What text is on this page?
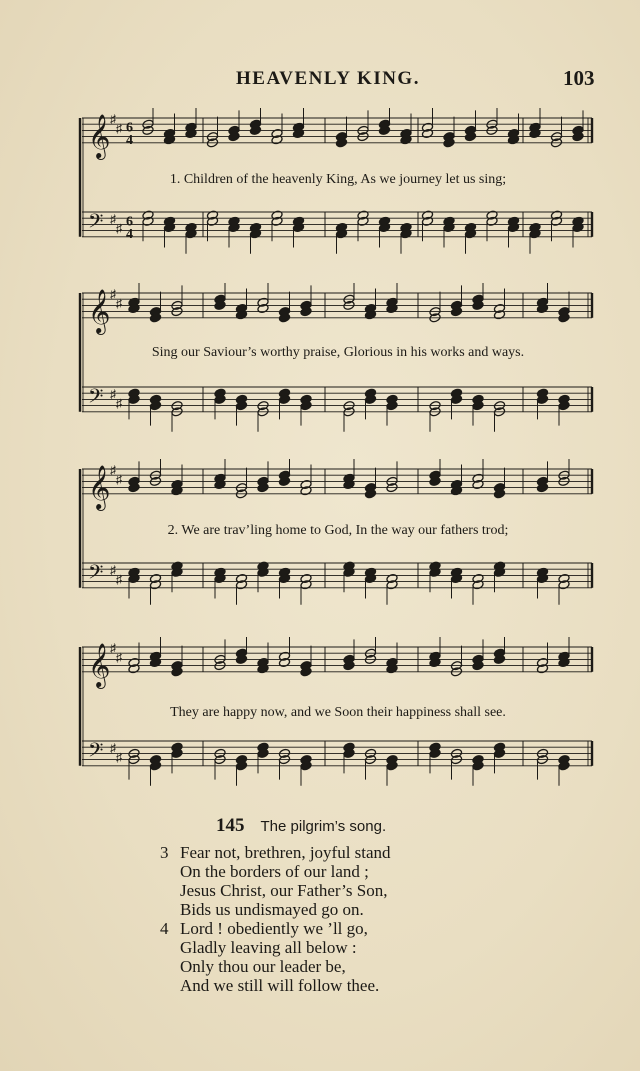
HEAVENLY KING.	103
𝄞
𝄢
♯
♯
♯
♯
6
4
6
4
1. Children of the heavenly King, As we journey let us sing;
𝄞
𝄢
♯
♯
♯
♯
Sing our Saviour’s worthy praise, Glorious in his works and ways.
𝄞
𝄢
♯
♯
♯
♯
2. We are trav’ling home to God, In the way our fathers trod;
𝄞
𝄢
♯
♯
♯
♯
They are happy now, and we Soon their happiness shall see.
145 The pilgrim’s song.
3 Fear not, brethren, joyful stand
On the borders of our land ;
Jesus Christ, our Father’s Son,
Bids us undismayed go on.
4 Lord ! obediently we ’ll go,
Gladly leaving all below :
Only thou our leader be,
And we still will follow thee.
